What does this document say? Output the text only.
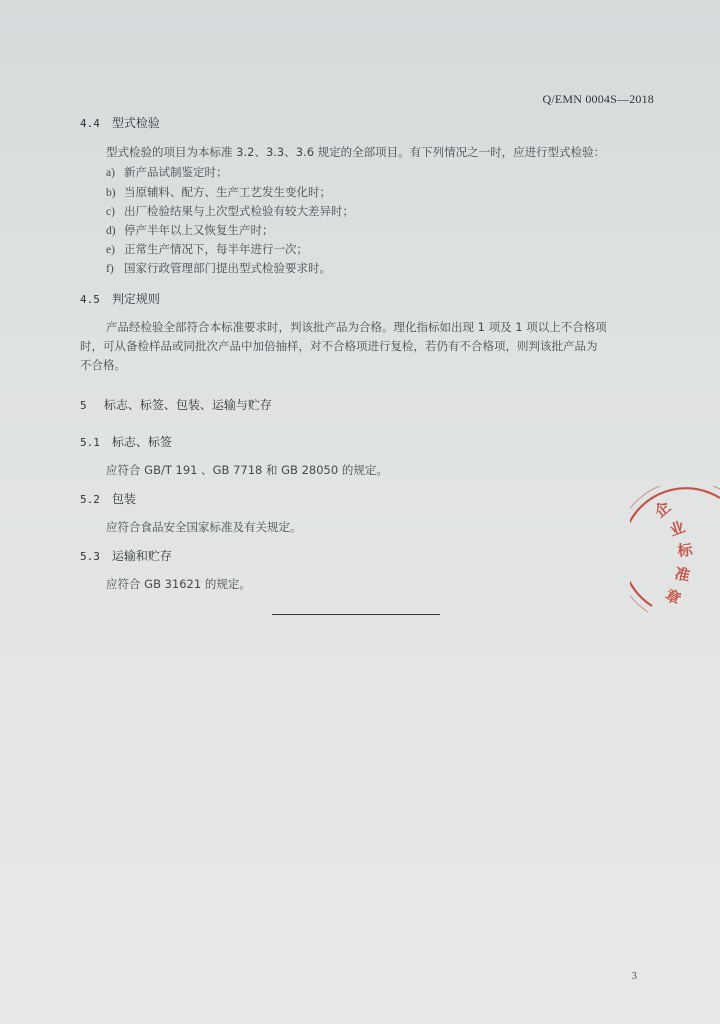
Q/EMN 0004S—2018
4.4 型式检验
型式检验的项目为本标准 3.2、3.3、3.6 规定的全部项目。有下列情况之一时，应进行型式检验：
a) 新产品试制鉴定时；
b) 当原辅料、配方、生产工艺发生变化时；
c) 出厂检验结果与上次型式检验有较大差异时；
d) 停产半年以上又恢复生产时；
e) 正常生产情况下，每半年进行一次；
f) 国家行政管理部门提出型式检验要求时。
4.5 判定规则
产品经检验全部符合本标准要求时，判该批产品为合格。理化指标如出现 1 项及 1 项以上不合格项
时，可从备检样品或同批次产品中加倍抽样，对不合格项进行复检，若仍有不合格项，则判该批产品为
不合格。
5 标志、标签、包装、运输与贮存
5.1 标志、标签
应符合 GB/T 191 、GB 7718 和 GB 28050 的规定。
5.2 包装
应符合食品安全国家标准及有关规定。
5.3 运输和贮存
应符合 GB 31621 的规定。
企
业
标
准
章
3
